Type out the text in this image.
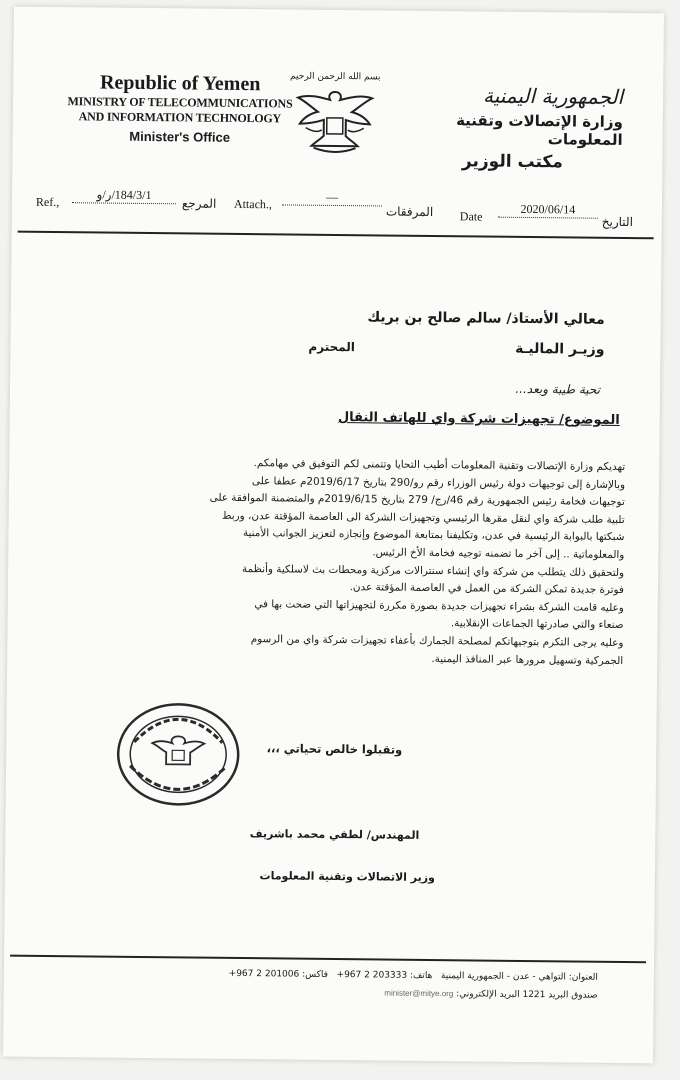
Republic of Yemen
MINISTRY OF TELECOMMUNICATIONS
AND INFORMATION TECHNOLOGY
Minister's Office
بسم الله الرحمن الرحيم
الجمهورية اليمنية
وزارة الإتصالات وتقنية المعلومات
مكتب الوزير
Ref.,
184/3/1/ر/و
المرجع Attach.,	—
المرفقات Date	2020/06/14
التاريخ
معالي الأستاذ/ سالم صالح بن بريك
وزيـر الماليـة
المحترم
تحية طيبة وبعد...
الموضوع/ تجهيزات شركة واي للهاتف النقال

تهديكم وزارة الإتصالات وتقنية المعلومات أطيب التحايا وتتمنى لكم التوفيق في مهامكم.

وبالإشارة إلى توجيهات دولة رئيس الوزراء رقم رو/290 بتاريخ 2019/6/17م عطفا على

توجيهات فخامة رئيس الجمهورية رقم 46/رج/ 279 بتاريخ 2019/6/15م والمتضمنة الموافقة على

تلبية طلب شركة واي لنقل مقرها الرئيسي وتجهيزات الشركة الى العاصمة المؤقتة عدن، وربط

شبكتها بالبوابة الرئيسية في عدن، وتكليفنا بمتابعة الموضوع وإنجازه لتعزيز الجوانب الأمنية

والمعلوماتية .. إلى آخر ما تضمنه توجيه فخامة الأخ الرئيس.

ولتحقيق ذلك يتطلب من شركة واي إنشاء سنترالات مركزية ومحطات بث لاسلكية وأنظمة

فوترة جديدة تمكن الشركة من العمل في العاصمة المؤقتة عدن.

وعليه قامت الشركة بشراء تجهيزات جديدة بصورة مكررة لتجهيزاتها التي ضحت بها في

صنعاء والتي صادرتها الجماعات الإنقلابية.

وعليه يرجى التكرم بتوجيهاتكم لمصلحة الجمارك بأعفاء تجهيزات شركة واي من الرسوم

الجمركية وتسهيل مرورها عبر المنافذ اليمنية.

وتقبلوا خالص تحياتي ،،،
المهندس/ لطفي محمد باشريف
وزير الاتصالات وتقنية المعلومات
العنوان: التواهي - عدن - الجمهورية اليمنية   هاتف: 203333 2 967+   فاكس: 201006 2 967+
صندوق البريد 1221 البريد الإلكتروني: minister@mitye.org
